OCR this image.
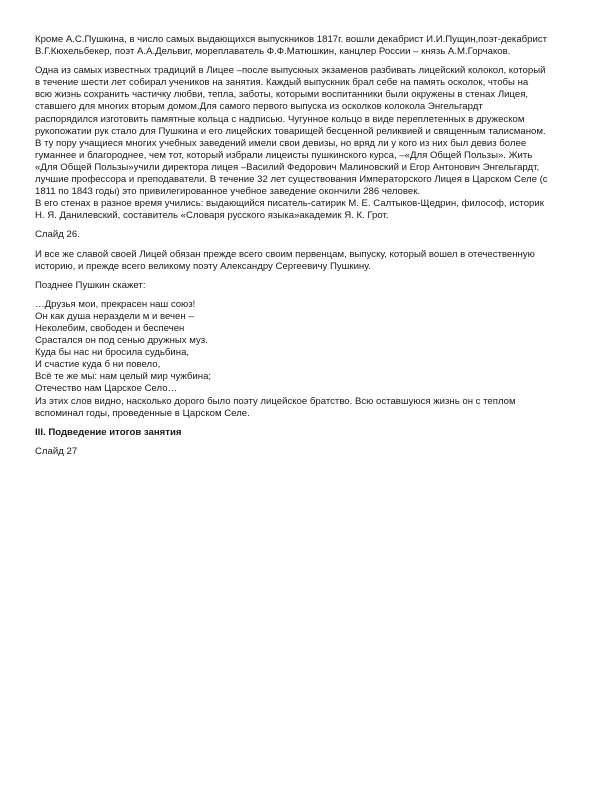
Кроме А.С.Пушкина, в число самых выдающихся выпускников 1817г. вошли декабрист И.И.Пущин,поэт-декабрист
В.Г.Кюхельбекер, поэт А.А.Дельвиг, мореплаватель Ф.Ф.Матюшкин, канцлер России – князь А.М.Горчаков.

Одна из самых известных традиций в Лицее –после выпускных экзаменов разбивать лицейский колокол, который
в течение шести лет собирал учеников на занятия. Каждый выпускник брал себе на память осколок, чтобы на
всю жизнь сохранить частичку любви, тепла, заботы, которыми воспитанники были окружены в стенах Лицея,
ставшего для многих вторым домом.Для самого первого выпуска из осколков колокола Энгельгардт
распорядился изготовить памятные кольца с надписью. Чугунное кольцо в виде переплетенных в дружеском
рукопожатии рук стало для Пушкина и его лицейских товарищей бесценной реликвией и священным талисманом.
В ту пору учащиеся многих учебных заведений имели свои девизы, но вряд ли у кого из них был девиз более
гуманнее и благороднее, чем тот, который избрали лицеисты пушкинского курса, –«Для Общей Пользы». Жить
«Для Общей Пользы»учили директора лицея –Василий Федорович Малиновский и Егор Антонович Энгельгардт,
лучшие профессора и преподаватели. В течение 32 лет существования Императорского Лицея в Царском Селе (с
1811 по 1843 годы) это привилегированное учебное заведение окончили 286 человек.
В его стенах в разное время учились: выдающийся писатель-сатирик М. Е. Салтыков-Щедрин, философ, историк
Н. Я. Данилевский, составитель «Словаря русского языка»академик Я. К. Грот.

Слайд 26.

И все же славой своей Лицей обязан прежде всего своим первенцам, выпуску, который вошел в отечественную
историю, и прежде всего великому поэту Александру Сергеевичу Пушкину.

Позднее Пушкин скажет:

…Друзья мои, прекрасен наш союз!
Он как душа нераздели м и вечен –
Неколебим, свободен и беспечен
Срастался он под сенью дружных муз.
Куда бы нас ни бросила судьбина,
И счастие куда б ни повело,
Всё те же мы: нам целый мир чужбина;
Отечество нам Царское Село…
Из этих слов видно, насколько дорого было поэту лицейское братство. Всю оставшуюся жизнь он с теплом
вспоминал годы, проведенные в Царском Селе.

III. Подведение итогов занятия

Слайд 27
